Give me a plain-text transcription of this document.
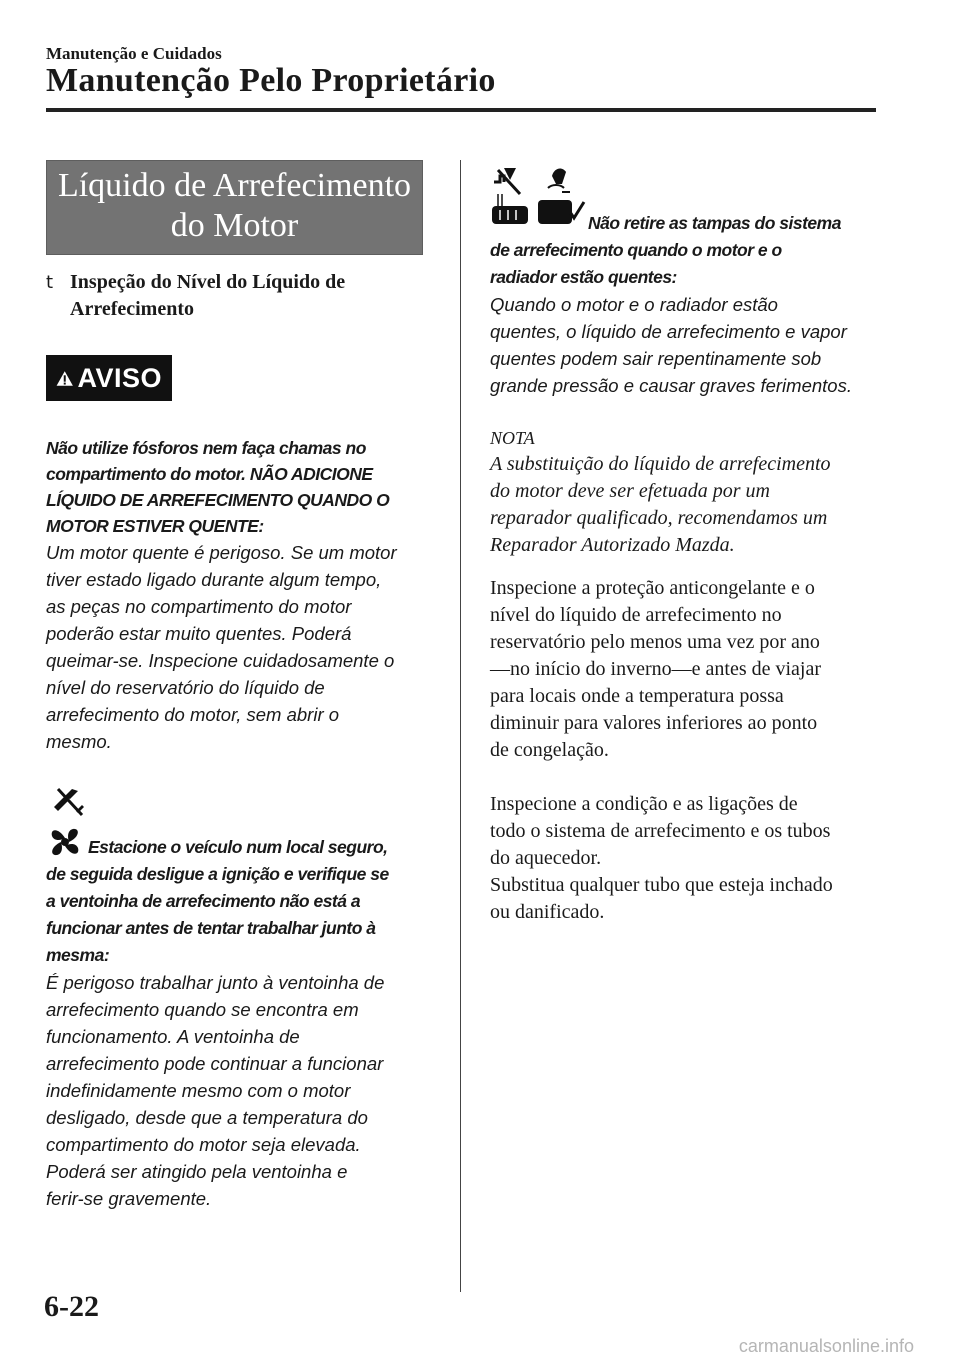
Manutenção e Cuidados
Manutenção Pelo Proprietário
Líquido de Arrefecimento
do Motor
t Inspeção do Nível do Líquido de
Arrefecimento
AVISO
Não utilize fósforos nem faça chamas no
compartimento do motor. NÃO ADICIONE
LÍQUIDO DE ARREFECIMENTO QUANDO O
MOTOR ESTIVER QUENTE:
Um motor quente é perigoso. Se um motor
tiver estado ligado durante algum tempo,
as peças no compartimento do motor
poderão estar muito quentes. Poderá
queimar-se. Inspecione cuidadosamente o
nível do reservatório do líquido de
arrefecimento do motor, sem abrir o
mesmo.
Estacione o veículo num local seguro,
de seguida desligue a ignição e verifique se
a ventoinha de arrefecimento não está a
funcionar antes de tentar trabalhar junto à
mesma:
É perigoso trabalhar junto à ventoinha de
arrefecimento quando se encontra em
funcionamento. A ventoinha de
arrefecimento pode continuar a funcionar
indefinidamente mesmo com o motor
desligado, desde que a temperatura do
compartimento do motor seja elevada.
Poderá ser atingido pela ventoinha e
ferir-se gravemente.
Não retire as tampas do sistema
de arrefecimento quando o motor e o
radiador estão quentes:
Quando o motor e o radiador estão
quentes, o líquido de arrefecimento e vapor
quentes podem sair repentinamente sob
grande pressão e causar graves ferimentos.
NOTA
A substituição do líquido de arrefecimento
do motor deve ser efetuada por um
reparador qualificado, recomendamos um
Reparador Autorizado Mazda.
Inspecione a proteção anticongelante e o
nível do líquido de arrefecimento no
reservatório pelo menos uma vez por ano
—no início do inverno—e antes de viajar
para locais onde a temperatura possa
diminuir para valores inferiores ao ponto
de congelação.
Inspecione a condição e as ligações de
todo o sistema de arrefecimento e os tubos
do aquecedor.
Substitua qualquer tubo que esteja inchado
ou danificado.
6-22
carmanualsonline.info
